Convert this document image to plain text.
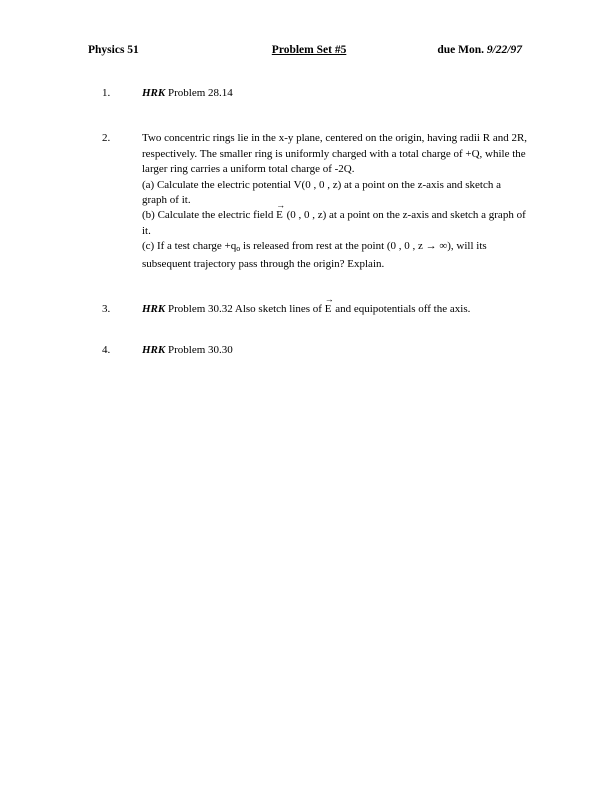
Physics 51	Problem Set #5	due Mon. 9/22/97
1.	HRK Problem 28.14
2.	Two concentric rings lie in the x-y plane, centered on the origin, having radii R and 2R, respectively. The smaller ring is uniformly charged with a total charge of +Q, while the larger ring carries a uniform total charge of -2Q.
(a) Calculate the electric potential V(0 , 0 , z) at a point on the z-axis and sketch a graph of it.
(b) Calculate the electric field
→
E (0 , 0 , z) at a point on the z-axis and sketch a graph of it.
(c) If a test charge $+q_o$ is released from rest at the point (0 , 0 , z → ∞), will its subsequent trajectory pass through the origin? Explain.
3.	HRK Problem 30.32 Also sketch lines of
→
E and equipotentials off the axis.
4.	HRK Problem 30.30
